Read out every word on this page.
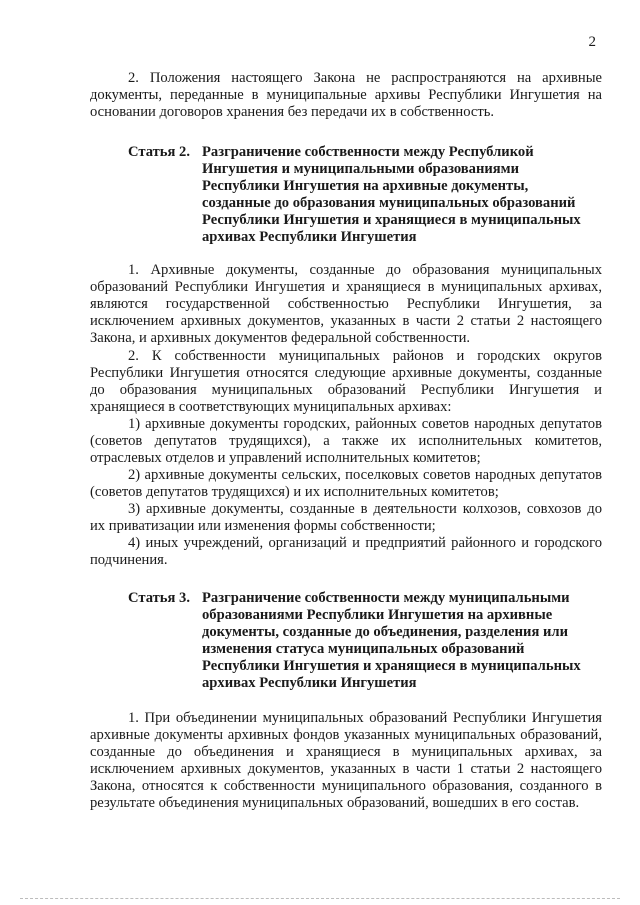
2

2. Положения настоящего Закона не распространяются на архивные документы, переданные в муниципальные архивы Республики Ингушетия на основании договоров хранения без передачи их в собственность.

Статья 2. Разграничение собственности между Республикой
Ингушетия и муниципальными образованиями
Республики Ингушетия на архивные документы,
созданные до образования муниципальных образований
Республики Ингушетия и хранящиеся в муниципальных
архивах Республики Ингушетия

1. Архивные документы, созданные до образования муниципальных образований Республики Ингушетия и хранящиеся в муниципальных архивах, являются государственной собственностью Республики Ингушетия, за исключением архивных документов, указанных в части 2 статьи 2 настоящего Закона, и архивных документов федеральной собственности.

2. К собственности муниципальных районов и городских округов Республики Ингушетия относятся следующие архивные документы, созданные до образования муниципальных образований Республики Ингушетия и хранящиеся в соответствующих муниципальных архивах:

1) архивные документы городских, районных советов народных депутатов (советов депутатов трудящихся), а также их исполнительных комитетов, отраслевых отделов и управлений исполнительных комитетов;

2) архивные документы сельских, поселковых советов народных депутатов (советов депутатов трудящихся) и их исполнительных комитетов;

3) архивные документы, созданные в деятельности колхозов, совхозов до их приватизации или изменения формы собственности;

4) иных учреждений, организаций и предприятий районного и городского подчинения.

Статья 3. Разграничение собственности между муниципальными
образованиями Республики Ингушетия на архивные
документы, созданные до объединения, разделения или
изменения статуса муниципальных образований
Республики Ингушетия и хранящиеся в муниципальных
архивах Республики Ингушетия

1. При объединении муниципальных образований Республики Ингушетия архивные документы архивных фондов указанных муниципальных образований, созданные до объединения и хранящиеся в муниципальных архивах, за исключением архивных документов, указанных в части 1 статьи 2 настоящего Закона, относятся к собственности муниципального образования, созданного в результате объединения муниципальных образований, вошедших в его состав.
